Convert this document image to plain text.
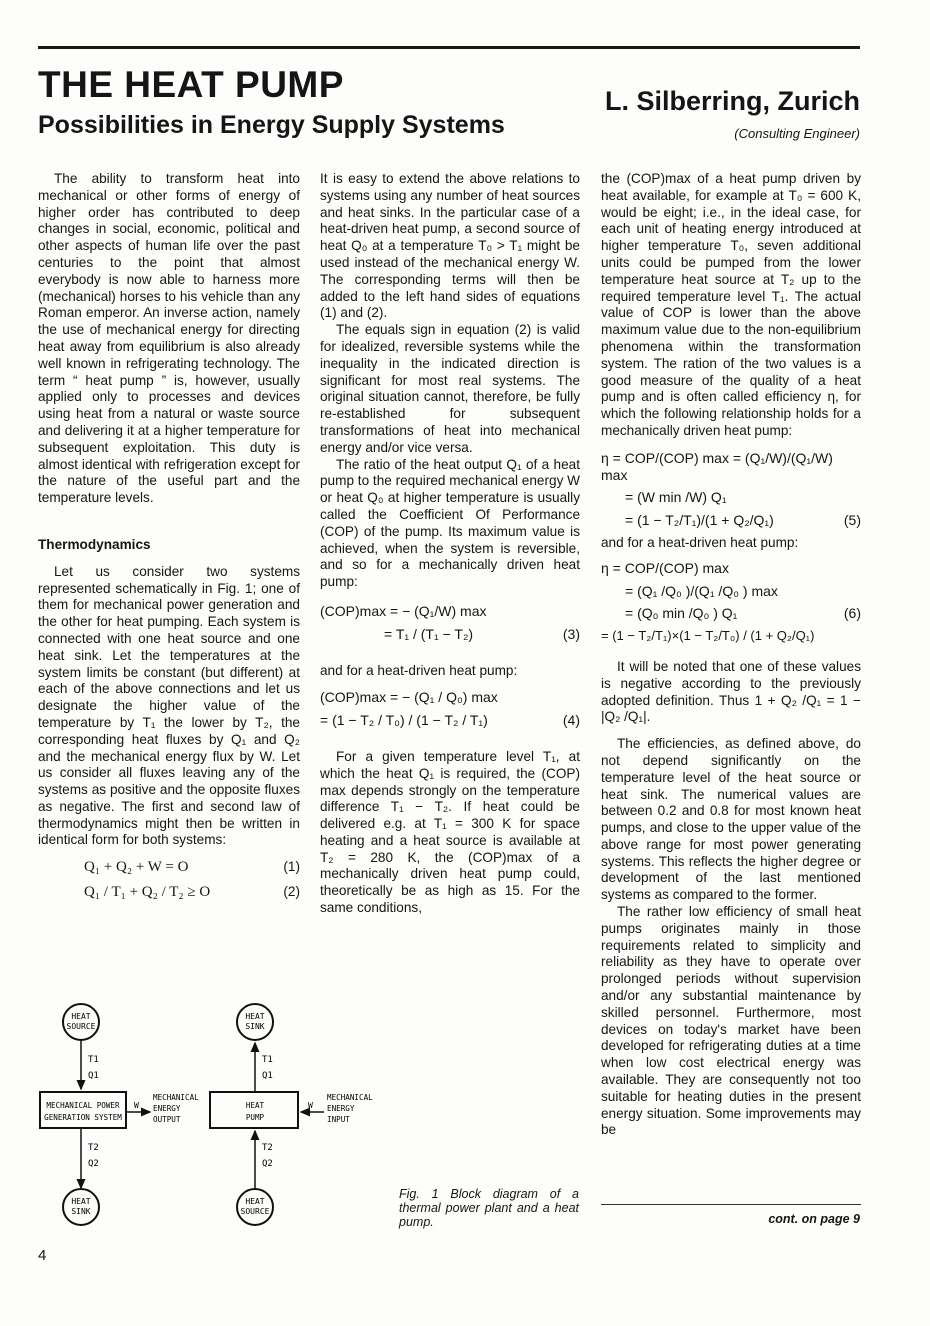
THE HEAT PUMP
Possibilities in Energy Supply Systems
L. Silberring, Zurich
(Consulting Engineer)

The ability to transform heat into mechanical or other forms of energy of higher order has contributed to deep changes in social, economic, political and other aspects of human life over the past centuries to the point that almost everybody is now able to harness more (mechanical) horses to his vehicle than any Roman emperor. An inverse action, namely the use of mechanical energy for directing heat away from equilibrium is also already well known in refrigerating technology. The term “ heat pump ” is, however, usually applied only to processes and devices using heat from a natural or waste source and delivering it at a higher temperature for subsequent exploitation. This duty is almost identical with refrigeration except for the nature of the useful part and the temperature levels.

Thermodynamics

Let us consider two systems represented schematically in Fig. 1; one of them for mechanical power generation and the other for heat pumping. Each system is connected with one heat source and one heat sink. Let the temperatures at the system limits be constant (but different) at each of the above connections and let us designate the higher value of the temperature by T₁ the lower by T₂, the corresponding heat fluxes by Q₁ and Q₂ and the mechanical energy flux by W. Let us consider all fluxes leaving any of the systems as positive and the opposite fluxes as negative. The first and second law of thermodynamics might then be written in identical form for both systems:

Q₁ + Q₂ + W = O	(1)
Q₁ / T₁ + Q₂ / T₂ ≥ O	(2)

It is easy to extend the above relations to systems using any number of heat sources and heat sinks. In the particular case of a heat-driven heat pump, a second source of heat Q₀ at a temperature T₀ > T₁ might be used instead of the mechanical energy W. The corresponding terms will then be added to the left hand sides of equations (1) and (2).

The equals sign in equation (2) is valid for idealized, reversible systems while the inequality in the indicated direction is significant for most real systems. The original situation cannot, therefore, be fully re-established for subsequent transformations of heat into mechanical energy and/or vice versa.

The ratio of the heat output Q₁ of a heat pump to the required mechanical energy W or heat Q₀ at higher temperature is usually called the Coefficient Of Performance (COP) of the pump. Its maximum value is achieved, when the system is reversible, and so for a mechanically driven heat pump:

(COP)max = − (Q₁/W) max
= T₁ / (T₁ − T₂)	(3)

and for a heat-driven heat pump:

(COP)max = − (Q₁ / Q₀) max
= (1 − T₂ / T₀) / (1 − T₂ / T₁)	(4)

For a given temperature level T₁, at which the heat Q₁ is required, the (COP) max depends strongly on the temperature difference T₁ − T₂. If heat could be delivered e.g. at T₁ = 300 K for space heating and a heat source is available at T₂ = 280 K, the (COP)max of a mechanically driven heat pump could, theoretically be as high as 15. For the same conditions,

the (COP)max of a heat pump driven by heat available, for example at T₀ = 600 K, would be eight; i.e., in the ideal case, for each unit of heating energy introduced at higher temperature T₀, seven additional units could be pumped from the lower temperature heat source at T₂ up to the required temperature level T₁. The actual value of COP is lower than the above maximum value due to the non-equilibrium phenomena within the transformation system. The ration of the two values is a good measure of the quality of a heat pump and is often called efficiency η, for which the following relationship holds for a mechanically driven heat pump:

η = COP/(COP) max = (Q₁/W)/(Q₁/W) max
= (W min /W) Q₁
= (1 − T₂/T₁)/(1 + Q₂/Q₁)	(5)

and for a heat-driven heat pump:

η = COP/(COP) max
= (Q₁ /Q₀ )/(Q₁ /Q₀ ) max
= (Q₀ min /Q₀ ) Q₁	(6)
= (1 − T₂/T₁)×(1 − T₂/T₀) / (1 + Q₂/Q₁)

It will be noted that one of these values is negative according to the previously adopted definition. Thus 1 + Q₂ /Q₁ = 1 − |Q₂ /Q₁|.

The efficiencies, as defined above, do not depend significantly on the temperature level of the heat source or heat sink. The numerical values are between 0.2 and 0.8 for most known heat pumps, and close to the upper value of the above range for most power generating systems. This reflects the higher degree or development of the last mentioned systems as compared to the former.

The rather low efficiency of small heat pumps originates mainly in those requirements related to simplicity and reliability as they have to operate over prolonged periods without supervision and/or any substantial maintenance by skilled personnel. Furthermore, most devices on today's market have been developed for refrigerating duties at a time when low cost electrical energy was available. They are consequently not too suitable for heating duties in the present energy situation. Some improvements may be

cont. on page 9
HEAT
SOURCE
T1
Q1
MECHANICAL POWER
GENERATION SYSTEM
W
MECHANICAL
ENERGY
OUTPUT
T2
Q2
HEAT
SINK
HEAT
SINK
T1
Q1
HEAT
PUMP
W
MECHANICAL
ENERGY
INPUT
T2
Q2
HEAT
SOURCE
Fig. 1 Block diagram of a thermal power plant and a heat pump.
4
